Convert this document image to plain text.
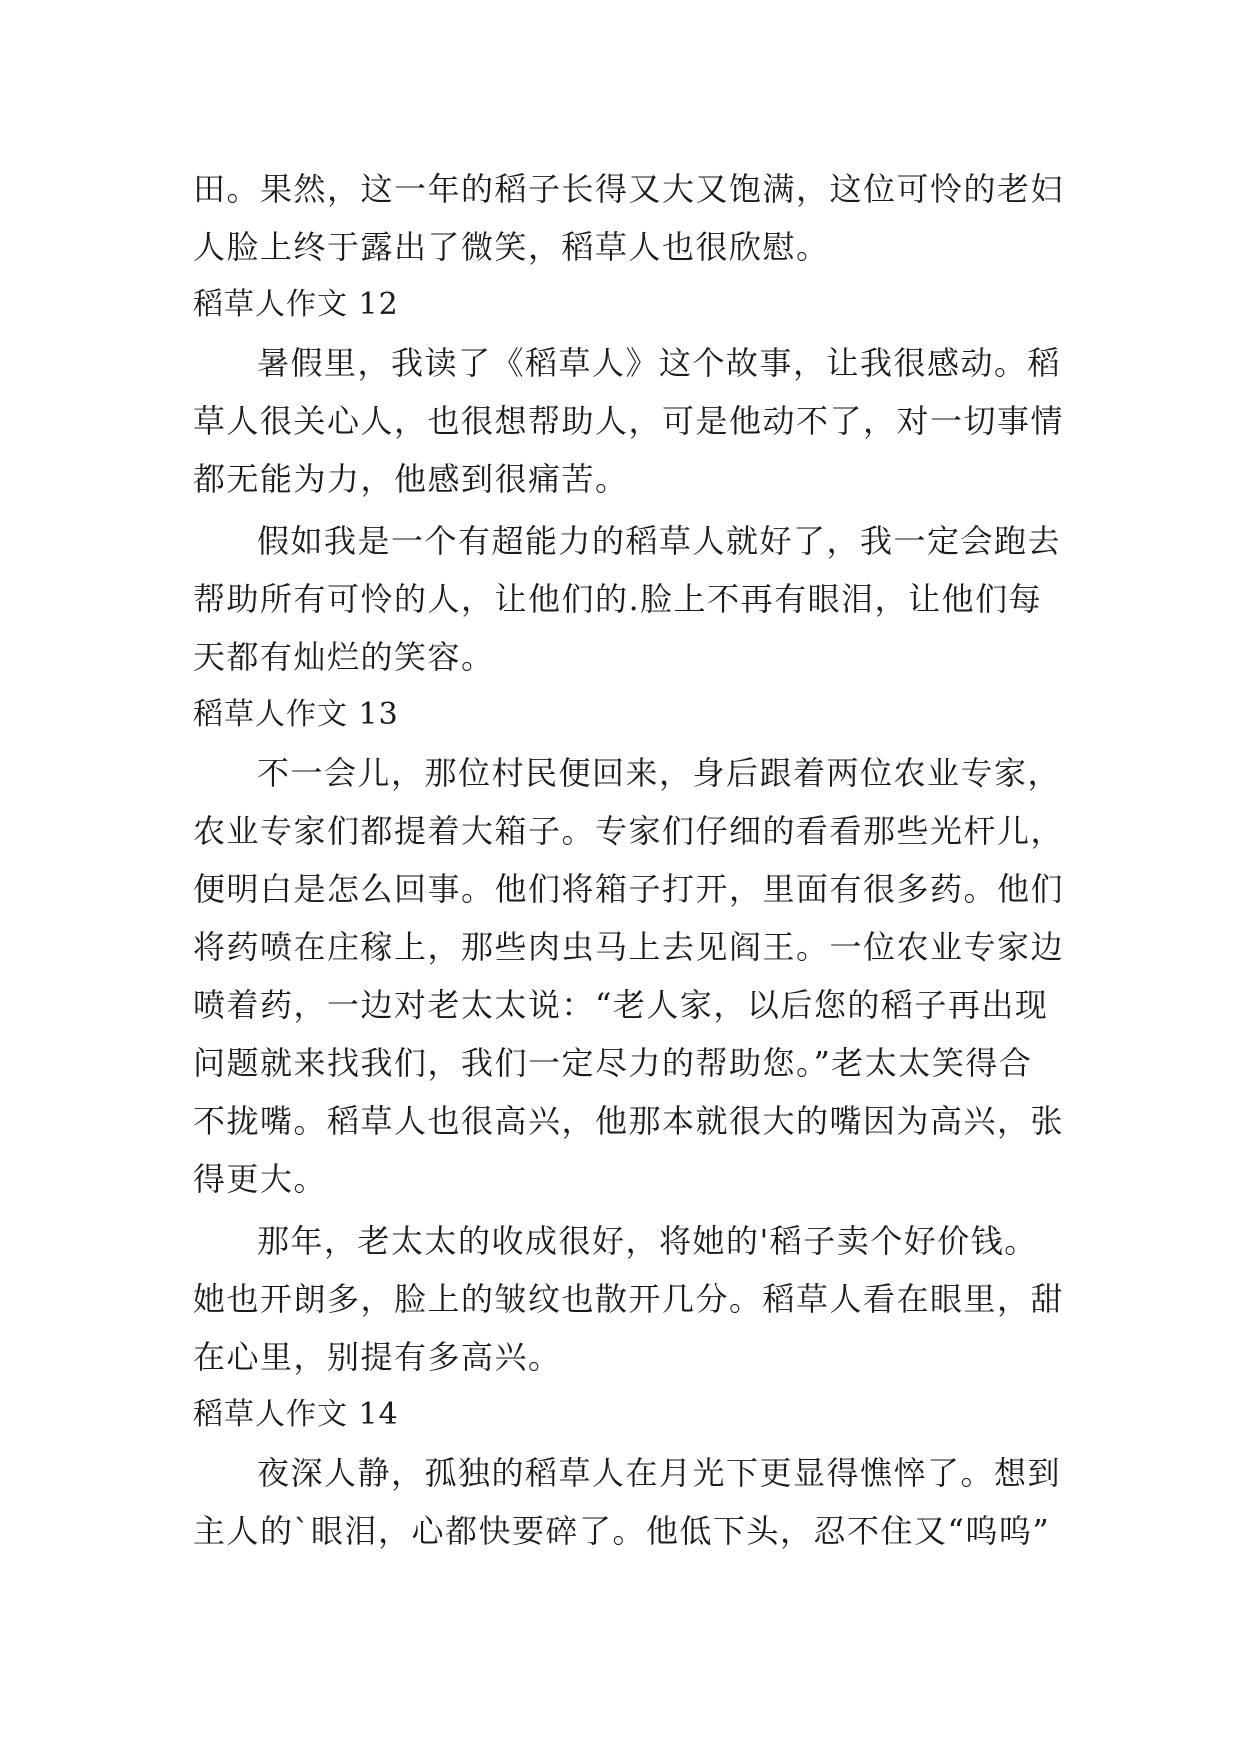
田。果然，这一年的稻子长得又大又饱满，这位可怜的老妇
人脸上终于露出了微笑，稻草人也很欣慰。
稻草人作文 12
暑假里，我读了《稻草人》这个故事，让我很感动。稻
草人很关心人，也很想帮助人，可是他动不了，对一切事情
都无能为力，他感到很痛苦。
假如我是一个有超能力的稻草人就好了，我一定会跑去
帮助所有可怜的人，让他们的.脸上不再有眼泪，让他们每
天都有灿烂的笑容。
稻草人作文 13
不一会儿，那位村民便回来，身后跟着两位农业专家，
农业专家们都提着大箱子。专家们仔细的看看那些光杆儿，
便明白是怎么回事。他们将箱子打开，里面有很多药。他们
将药喷在庄稼上，那些肉虫马上去见阎王。一位农业专家边
喷着药，一边对老太太说：“老人家，以后您的稻子再出现
问题就来找我们，我们一定尽力的帮助您。”老太太笑得合
不拢嘴。稻草人也很高兴，他那本就很大的嘴因为高兴，张
得更大。
那年，老太太的收成很好，将她的'稻子卖个好价钱。
她也开朗多，脸上的皱纹也散开几分。稻草人看在眼里，甜
在心里，别提有多高兴。
稻草人作文 14
夜深人静，孤独的稻草人在月光下更显得憔悴了。想到
主人的`眼泪，心都快要碎了。他低下头，忍不住又“呜呜”
